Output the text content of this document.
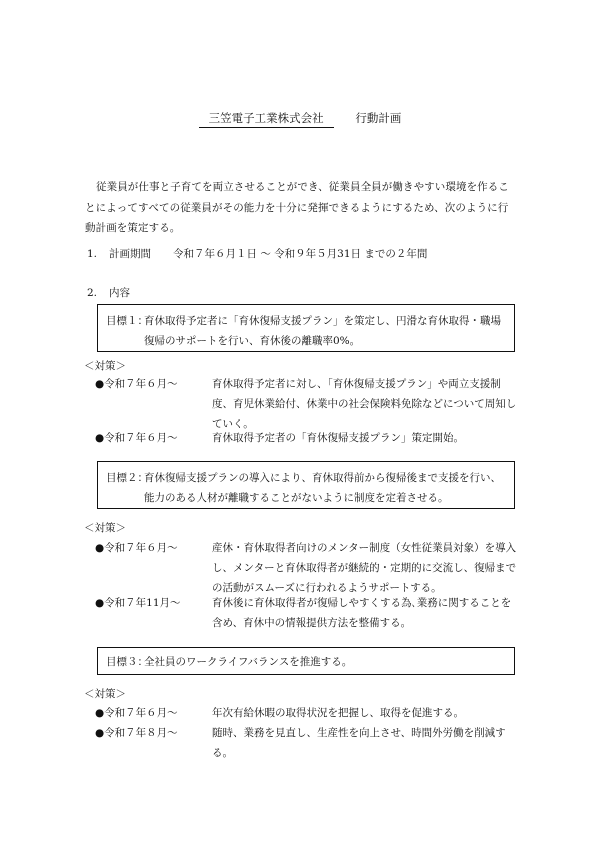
三笠電子工業株式会社	行動計画
従業員が仕事と子育てを両立させることができ、従業員全員が働きやすい環境を作ることによってすべての従業員がその能力を十分に発揮できるようにするため、次のように行動計画を策定する。
1. 計画期間 令和７年６月１日 〜 令和９年５月31日 までの２年間
2. 内容
目標１：
育休取得予定者に「育休復帰支援プラン」を策定し、円滑な育休取得・職場復帰のサポートを行い、育休後の離職率0%。
＜対策＞
●令和７年６月〜	育休取得予定者に対し、「育休復帰支援プラン」や両立支援制度、育児休業給付、休業中の社会保険料免除などについて周知していく。
●令和７年６月〜	育休取得予定者の「育休復帰支援プラン」策定開始。
目標２：
育休復帰支援プランの導入により、育休取得前から復帰後まで支援を行い、能力のある人材が離職することがないように制度を定着させる。
＜対策＞
●令和７年６月〜	産休・育休取得者向けのメンター制度（女性従業員対象）を導入し、メンターと育休取得者が継続的・定期的に交流し、復帰までの活動がスムーズに行われるようサポートする。
●令和７年11月〜	育休後に育休取得者が復帰しやすくする為､業務に関することを含め、育休中の情報提供方法を整備する。
目標３：
全社員のワークライフバランスを推進する。
＜対策＞
●令和７年６月〜	年次有給休暇の取得状況を把握し、取得を促進する。
●令和７年８月〜	随時、業務を見直し、生産性を向上させ、時間外労働を削減する。
